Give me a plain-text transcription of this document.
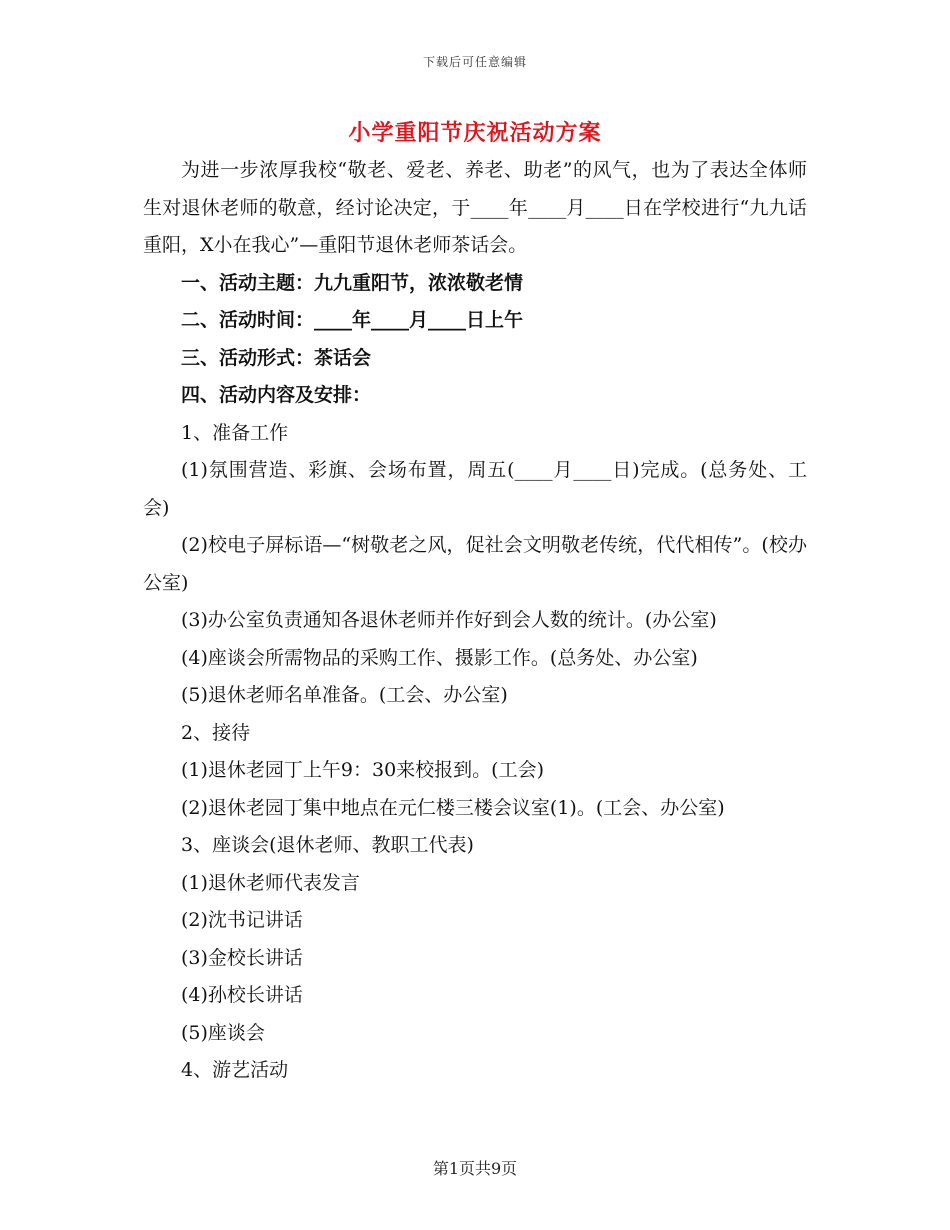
下载后可任意编辑
小学重阳节庆祝活动方案

为进一步浓厚我校“敬老、爱老、养老、助老”的风气，也为了表达全体师生对退休老师的敬意，经讨论决定，于____年____月____日在学校进行“九九话重阳，X小在我心”—重阳节退休老师茶话会。

一、活动主题：九九重阳节，浓浓敬老情

二、活动时间：____年____月____日上午

三、活动形式：茶话会

四、活动内容及安排：

1、准备工作

(1)氛围营造、彩旗、会场布置，周五(____月____日)完成。(总务处、工会)

(2)校电子屏标语—“树敬老之风，促社会文明敬老传统，代代相传”。(校办公室)

(3)办公室负责通知各退休老师并作好到会人数的统计。(办公室)

(4)座谈会所需物品的采购工作、摄影工作。(总务处、办公室)

(5)退休老师名单准备。(工会、办公室)

2、接待

(1)退休老园丁上午9：30来校报到。(工会)

(2)退休老园丁集中地点在元仁楼三楼会议室(1)。(工会、办公室)

3、座谈会(退休老师、教职工代表)

(1)退休老师代表发言

(2)沈书记讲话

(3)金校长讲话

(4)孙校长讲话

(5)座谈会

4、游艺活动

第1页共9页
